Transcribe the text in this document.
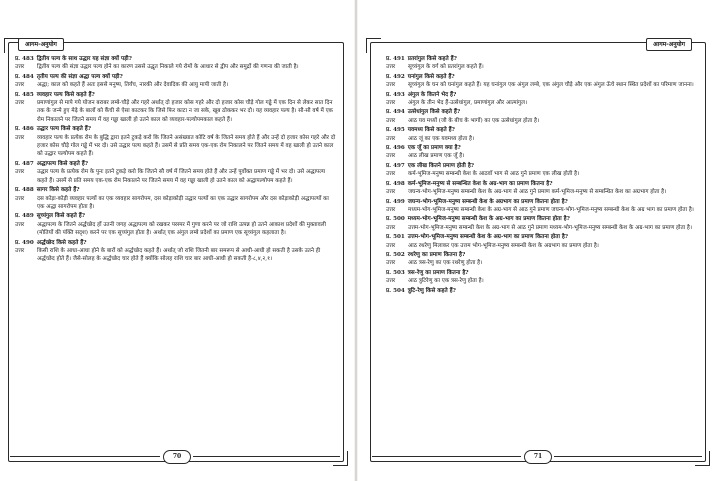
आगम-अनुयोग
प्र. 483 द्वितीय पल्य के साथ उद्धार यह संज्ञा क्यों पड़ी?
उत्तर	द्वितीय पल्य की संज्ञा उद्धार पल्य होने का कारण उससे उद्धृत निकाले गये रोमों के आधार से द्वीप और समुद्रों की गणना की जाती है।
प्र. 484 तृतीय पल्य की संज्ञा अद्धा पल्य क्यों पड़ी?
उत्तर	अद्धा; काल को कहते हैं अतः इससे मनुष्य, तिर्यंच, नारकी और देवादिक की आयु मापी जाती है।
प्र. 485 व्यवहार पल्य किसे कहते हैं?
उत्तर	प्रमाणांगुल से मापे गये योजन बराबर लम्बे-चौड़े और गहरे अर्थात् दो हजार कोस गहरे और दो हजार कोस चौड़े गोल गड्ढे में एक दिन से लेकर सात दिन तक के जन्मे हुए मेढ़े के बालों को कैंची से ऐसा काटकर कि जिसे फिर काटा न जा सके, खूब ठोककर भर दो। यह व्यवहार पल्य है। सौ-सौ वर्ष में एक रोम निकालने पर जितने समय में वह गड्ढा खाली हो उतने काल को व्यवहार-पल्योपमकाल कहते हैं।
प्र. 486 उद्धार पल्य किसे कहते हैं?
उत्तर	व्यवहार पल्य के प्रत्येक रोम के बुद्धि द्वारा इतने टुकड़े करो कि जितने असंख्यात कोटि वर्ष के जितने समय होते हैं और उन्हें दो हजार कोस गहरे और दो हजार कोस चौड़े गोल गड्ढे में भर दो। उसे उद्धार पल्य कहते हैं। उसमें से प्रति समय एक-एक रोम निकालने पर जितने समय में वह खाली हो उतने काल को उद्धार पल्योपम कहते हैं।
प्र. 487 अद्धापल्य किसे कहते हैं?
उत्तर	उद्धार पल्य के प्रत्येक रोम के पुनः इतने टुकड़े करो कि जितने सौ वर्ष में जितने समय होते हैं और उन्हें पूर्वोक्त प्रमाण गड्ढे में भर दो। उसे अद्धापल्य कहते हैं। उसमें से प्रति समय एक-एक रोम निकालने पर जितने समय में वह गड्ढा खाली हो उतने काल को अद्धापल्योपम कहते हैं।
प्र. 488 सागर किसे कहते हैं?
उत्तर	दस कोड़ा-कोड़ी व्यवहार पल्यों का एक व्यवहार सागरोपम, दस कोड़ाकोड़ी उद्धार पल्यों का एक उद्धार सागरोपम और दस कोड़ाकोड़ी अद्धापल्यों का एक अद्धा सागरोपम होता है।
प्र. 489 सूच्यंगुल किसे कहते हैं?
उत्तर	अद्धापल्य के जितने अर्द्धच्छेद हों उतनी जगह अद्धापल्य को रखकर परस्पर में गुणा करने पर जो राशि उत्पन्न हो उतने आकाश प्रदेशों की मुक्तावली (मोतियों की पंक्ति सदृश) करने पर एक सूच्यंगुल होता है। अर्थात् एक अंगुल लम्बे प्रदेशों का प्रमाण एक सूच्यंगुल कहलाता है।
प्र. 490 अर्द्धच्छेद किसे कहते हैं?
उत्तर	किसी राशि के आधा-आधा होने के बारों को अर्द्धच्छेद कहते हैं। अर्थात् जो राशि जितनी बार समरूप से आधी-आधी हो सकती है उसके उतने ही अर्द्धच्छेद होते हैं। जैसे-सोलह के अर्द्धच्छेद चार होते हैं क्योंकि सोलह राशि चार बार आधी-आधी हो सकती है-८,४,२,१।
70
आगम-अनुयोग
प्र. 491 प्रतरांगुल किसे कहते हैं?
उत्तर	सूच्यंगुल के वर्ग को प्रतरांगुल कहते हैं।
प्र. 492 घनांगुल किसे कहते हैं?
उत्तर	सूच्यंगुल के घन को घनांगुल कहते हैं। यह घनांगुल एक अंगुल लम्बे, एक अंगुल चौड़े और एक अंगुल ऊँचे स्थान स्थित प्रदेशों का परिमाण जानना।
प्र. 493 अंगुल के कितने भेद हैं?
उत्तर	अंगुल के तीन भेद हैं-उत्सेधांगुल, प्रमाणांगुल और आत्मांगुल।
प्र. 494 उत्सेधांगुल किसे कहते हैं?
उत्तर	आठ यव मध्यों (जौ के बीच के भागों) का एक उत्सेधांगुल होता है।
प्र. 495 यवमध्य किसे कहते हैं?
उत्तर	आठ जूं का एक यवमध्य होता है।
प्र. 496 एक जूँ का प्रमाण क्या है?
उत्तर	आठ लीख प्रमाण एक जूँ है।
प्र. 497 एक लीख कितने प्रमाण होती है?
उत्तर	कर्म-भूमिज-मनुष्य सम्बन्धी केश के आठवाँ भाग से आठ गुने प्रमाण एक लीख होती है।
प्र. 498 कर्म-भूमिज-मनुष्य से सम्बन्धित केश के अग्र-भाग का प्रमाण कितना है?
उत्तर	जघन्य-भोग-भूमिज-मनुष्य सम्बन्धी केश के अग्र-भाग से आठ गुने प्रमाण कर्म-भूमिज-मनुष्य से सम्बन्धित केश का अग्रभाग होता है।
प्र. 499 जघन्य-भोग-भूमिज-मनुष्य सम्बन्धी केश के अग्रभाग का प्रमाण कितना होता है?
उत्तर	मध्यम-भोग-भूमिज-मनुष्य सम्बन्धी केश के अग्र-भाग से आठ गुने प्रमाण जघन्य-भोग-भूमिज-मनुष्य सम्बन्धी केश के अग्र भाग का प्रमाण होता है।
प्र. 500 मध्यम-भोग-भूमिज-मनुष्य सम्बन्धी केश के अग्र-भाग का प्रमाण कितना होता है?
उत्तर	उत्तम-भोग-भूमिज-मनुष्य सम्बन्धी केश के अग्र-भाग से आठ गुने प्रमाण मध्यम-भोग-भूमिज-मनुष्य सम्बन्धी केश के अग्र-भाग का प्रमाण होता है।
प्र. 501 उत्तम-भोग-भूमिज-मनुष्य सम्बन्धी केश के अग्र-भाग का प्रमाण कितना होता है?
उत्तर	आठ रथरेणु मिलाकर एक उत्तम भोग-भूमिज-मनुष्य सम्बन्धी केश के अग्रभाग का प्रमाण होता है।
प्र. 502 रथरेणु का प्रमाण कितना है?
उत्तर	आठ त्रस-रेणु का एक रथरेणु होता है।
प्र. 503 त्रस-रेणु का प्रमाण कितना है?
उत्तर	आठ त्रुटिरेणु का एक त्रस-रेणु होता है।
प्र. 504 त्रुटि-रेणु किसे कहते हैं?
71
